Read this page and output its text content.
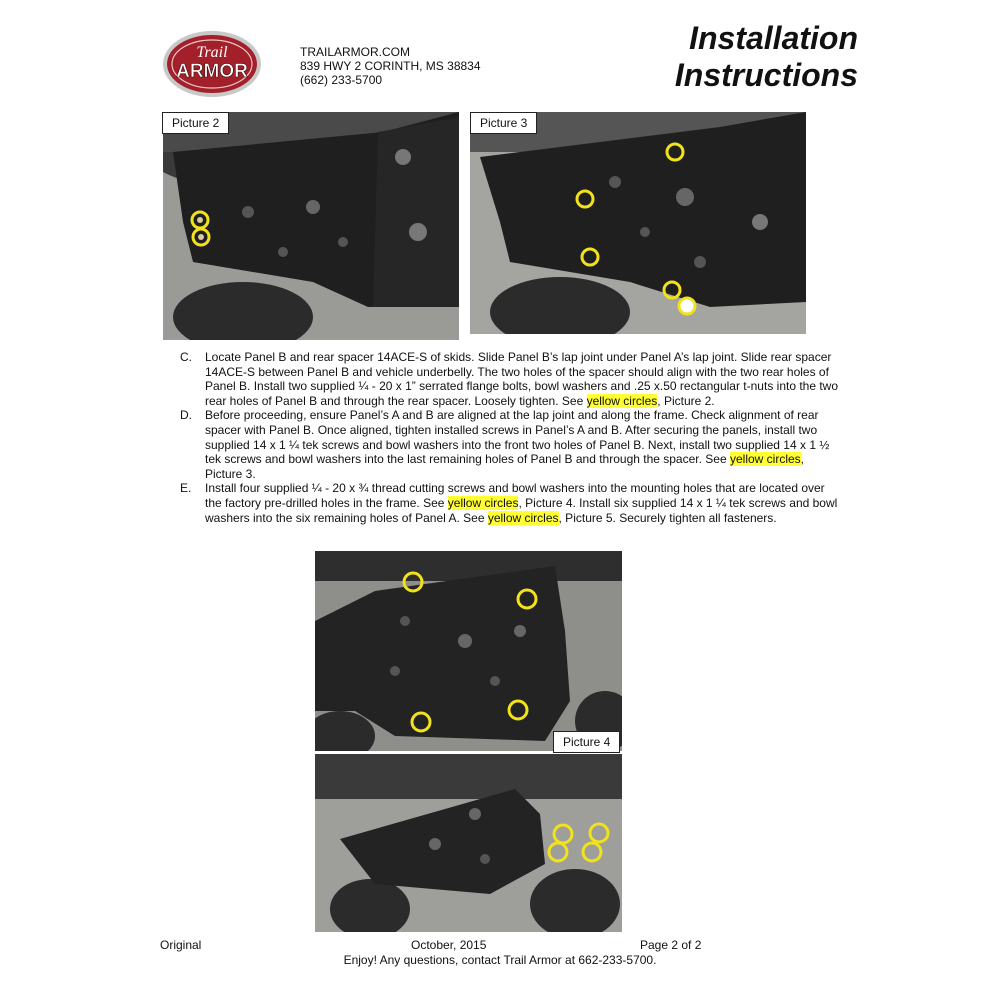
Trail
ARMOR
TRAILARMOR.COM
839 HWY 2 CORINTH, MS 38834
(662) 233-5700
Installation
Instructions
Picture 2	Picture 3

C. Locate Panel B and rear spacer 14ACE-S of skids. Slide Panel B’s lap joint under Panel A’s lap joint. Slide rear spacer 14ACE-S between Panel B and vehicle underbelly. The two holes of the spacer should align with the two rear holes of Panel B. Install two supplied ¼ - 20 x 1” serrated flange bolts, bowl washers and .25 x.50 rectangular t-nuts into the two rear holes of Panel B and through the rear spacer. Loosely tighten. See yellow circles, Picture 2.

D. Before proceeding, ensure Panel’s A and B are aligned at the lap joint and along the frame. Check alignment of rear spacer with Panel B. Once aligned, tighten installed screws in Panel’s A and B. After securing the panels, install two supplied 14 x 1 ¼ tek screws and bowl washers into the front two holes of Panel B. Next, install two supplied 14 x 1 ½ tek screws and bowl washers into the last remaining holes of Panel B and through the spacer. See yellow circles, Picture 3.

E. Install four supplied ¼ - 20 x ¾ thread cutting screws and bowl washers into the mounting holes that are located over the factory pre-drilled holes in the frame. See yellow circles, Picture 4. Install six supplied 14 x 1 ¼ tek screws and bowl washers into the six remaining holes of Panel A. See yellow circles, Picture 5. Securely tighten all fasteners.

Picture 4
Original	October, 2015	Page 2 of 2
Enjoy! Any questions, contact Trail Armor at 662-233-5700.
